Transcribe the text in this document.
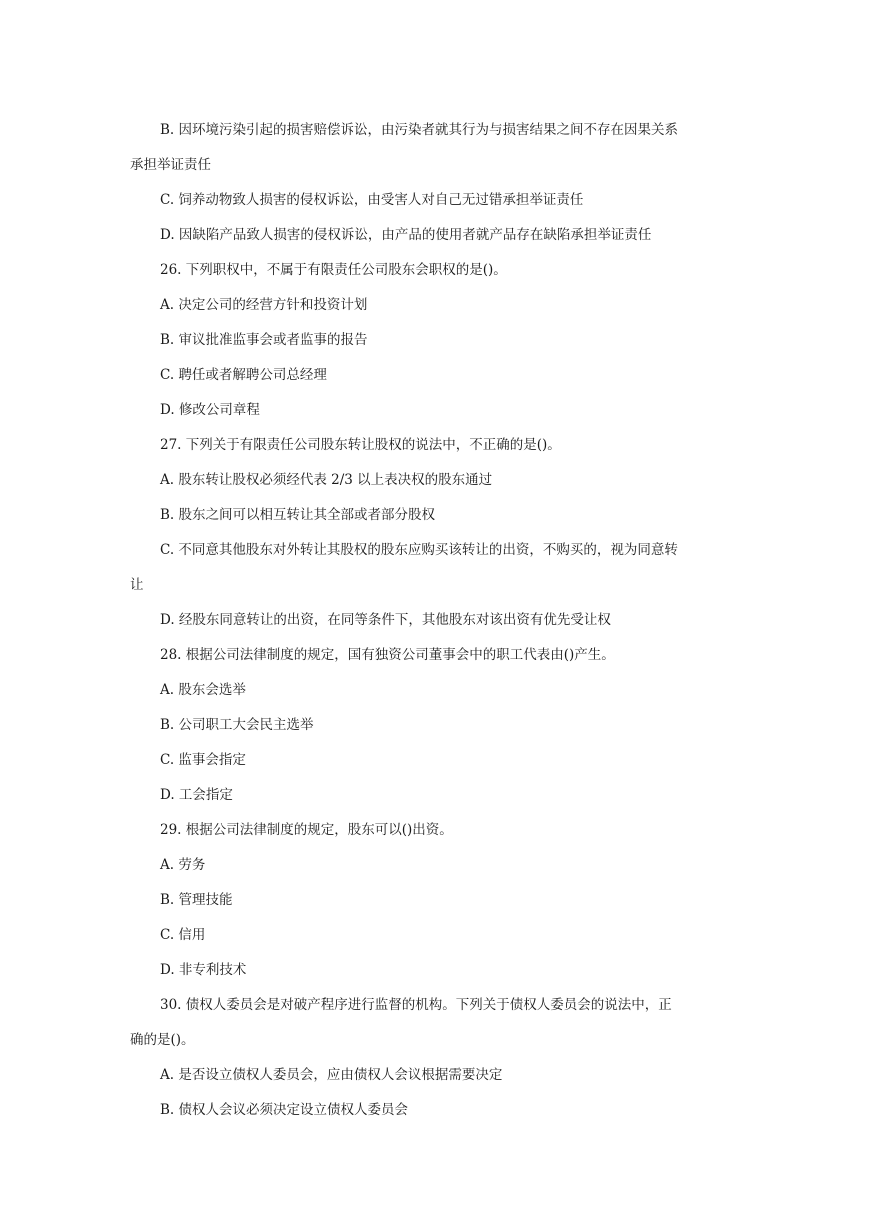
B. 因环境污染引起的损害赔偿诉讼，由污染者就其行为与损害结果之间不存在因果关系
承担举证责任
C. 饲养动物致人损害的侵权诉讼，由受害人对自己无过错承担举证责任
D. 因缺陷产品致人损害的侵权诉讼，由产品的使用者就产品存在缺陷承担举证责任
26. 下列职权中，不属于有限责任公司股东会职权的是()。
A. 决定公司的经营方针和投资计划
B. 审议批准监事会或者监事的报告
C. 聘任或者解聘公司总经理
D. 修改公司章程
27. 下列关于有限责任公司股东转让股权的说法中，不正确的是()。
A. 股东转让股权必须经代表 2/3 以上表决权的股东通过
B. 股东之间可以相互转让其全部或者部分股权
C. 不同意其他股东对外转让其股权的股东应购买该转让的出资，不购买的，视为同意转
让
D. 经股东同意转让的出资，在同等条件下，其他股东对该出资有优先受让权
28. 根据公司法律制度的规定，国有独资公司董事会中的职工代表由()产生。
A. 股东会选举
B. 公司职工大会民主选举
C. 监事会指定
D. 工会指定
29. 根据公司法律制度的规定，股东可以()出资。
A. 劳务
B. 管理技能
C. 信用
D. 非专利技术
30. 债权人委员会是对破产程序进行监督的机构。下列关于债权人委员会的说法中，正
确的是()。
A. 是否设立债权人委员会，应由债权人会议根据需要决定
B. 债权人会议必须决定设立债权人委员会
